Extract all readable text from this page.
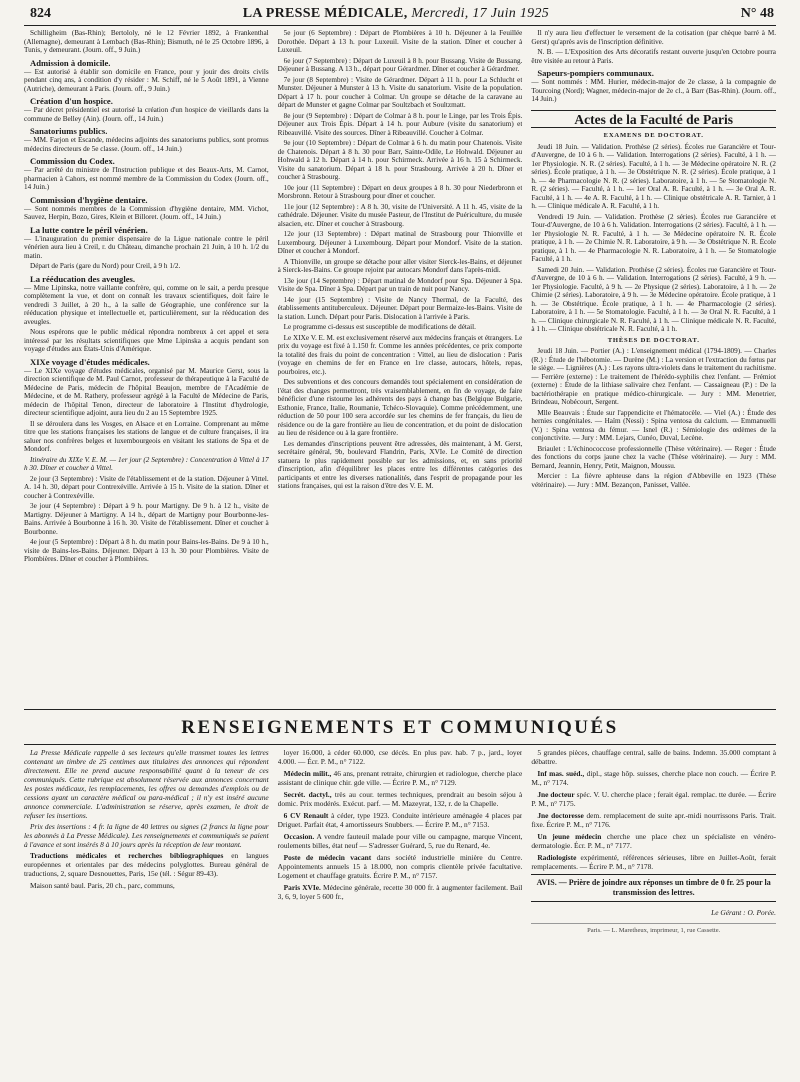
824	LA PRESSE MÉDICALE, Mercredi, 17 Juin 1925	N° 48

Schilligheim (Bas-Rhin); Bertololy, né le 12 Février 1892, à Frankenthal (Allemagne), demeurant à Lembach (Bas-Rhin); Bismuth, né le 25 Octobre 1896, à Tunis, y demeurant. (Journ. off., 9 Juin.)

Admission à domicile.

— Est autorisé à établir son domicile en France, pour y jouir des droits civils pendant cinq ans, à condition d'y résider : M. Schiff, né le 5 Août 1891, à Vienne (Autriche), demeurant à Paris. (Journ. off., 9 Juin.)

Création d'un hospice.

— Par décret présidentiel est autorisé la création d'un hospice de vieillards dans la commune de Belley (Ain). (Journ. off., 14 Juin.)

Sanatoriums publics.

— MM. Farjon et Escande, médecins adjoints des sanatoriums publics, sont promus médecins directeurs de 5e classe. (Journ. off., 14 Juin.)

Commission du Codex.

— Par arrêté du ministre de l'Instruction publique et des Beaux-Arts, M. Carnot, pharmacien à Cahors, est nommé membre de la Commission du Codex (Journ. off., 14 Juin.)

Commission d'hygiène dentaire.

— Sont nommés membres de la Commission d'hygiène dentaire, MM. Vichot, Sauvez, Herpin, Bozo, Gires, Klein et Billoret. (Journ. off., 14 Juin.)

La lutte contre le péril vénérien.

— L'inauguration du premier dispensaire de la Ligue nationale contre le péril vénérien aura lieu à Creil, r. du Château, dimanche prochain 21 Juin, à 10 h. 1/2 du matin.

Départ de Paris (gare du Nord) pour Creil, à 9 h 1/2.

La rééducation des aveugles.

— Mme Lipinska, notre vaillante confrère, qui, comme on le sait, a perdu presque complètement la vue, et dont on connaît les travaux scientifiques, doit faire le vendredi 3 Juillet, à 20 h., à la salle de Géographie, une conférence sur la rééducation physique et intellectuelle et, particulièrement, sur la rééducation des aveugles.

Nous espérons que le public médical répondra nombreux à cet appel et sera intéressé par les résultats scientifiques que Mme Lipinska a acquis pendant son voyage d'études aux États-Unis d'Amérique.

XIXe voyage d'études médicales.

— Le XIXe voyage d'études médicales, organisé par M. Maurice Gerst, sous la direction scientifique de M. Paul Carnot, professeur de thérapeutique à la Faculté de Médecine de Paris, médecin de l'hôpital Beaujon, membre de l'Académie de Médecine, et de M. Rathery, professeur agrégé à la Faculté de Médecine de Paris, médecin de l'hôpital Tenon, directeur de laboratoire à l'Institut d'hydrologie, directeur scientifique adjoint, aura lieu du 2 au 15 Septembre 1925.

Il se déroulera dans les Vosges, en Alsace et en Lorraine. Comprenant au même titre que les stations françaises les stations de langue et de culture françaises, il ira saluer nos confrères belges et luxembourgeois en visitant les stations de Spa et de Mondorf.

Itinéraire du XIXe V. E. M. — 1er jour (2 Septembre) : Concentration à Vittel à 17 h 30. Dîner et coucher à Vittel.

2e jour (3 Septembre) : Visite de l'établissement et de la station. Déjeuner à Vittel. A. 14 h. 30, départ pour Contrexéville. Arrivée à 15 h. Visite de la station. Dîner et coucher à Contrexéville.

3e jour (4 Septembre) : Départ à 9 h. pour Martigny. De 9 h. à 12 h., visite de Martigny. Déjeuner à Martigny. A 14 h., départ de Martigny pour Bourbonne-les-Bains. Arrivée à Bourbonne à 16 h. 30. Visite de l'établissement. Dîner et coucher à Bourbonne.

4e jour (5 Septembre) : Départ à 8 h. du matin pour Bains-les-Bains. De 9 à 10 h., visite de Bains-les-Bains. Déjeuner. Départ à 13 h. 30 pour Plombières. Visite de Plombières. Dîner et coucher à Plombières.

5e jour (6 Septembre) : Départ de Plombières à 10 h. Déjeuner à la Feuillée Dorothée. Départ à 13 h. pour Luxeuil. Visite de la station. Dîner et coucher à Luxeuil.

6e jour (7 Septembre) : Départ de Luxeuil à 8 h. pour Bussang. Visite de Bussang. Déjeuner à Bussang. A 13 h., départ pour Gérardmer. Dîner et coucher à Gérardmer.

7e jour (8 Septembre) : Visite de Gérardmer. Départ à 11 h. pour La Schlucht et Munster. Déjeuner à Munster à 13 h. Visite du sanatorium. Visite de la population. Départ à 17 h. pour coucher à Colmar. Un groupe se détache de la caravane au départ de Munster et gagne Colmar par Soultzbach et Soultzmatt.

8e jour (9 Septembre) : Départ de Colmar à 8 h. pour le Linge, par les Trois Épis. Déjeuner aux Trois Épis. Départ à 14 h. pour Aubure (visite du sanatorium) et Ribeauvillé. Visite des sources. Dîner à Ribeauvillé. Coucher à Colmar.

9e jour (10 Septembre) : Départ de Colmar à 6 h. du matin pour Chatenois. Visite de Chatenois. Départ à 8 h. 30 pour Barr, Sainte-Odile, Le Hohwald. Déjeuner au Hohwald à 12 h. Départ à 14 h. pour Schirmeck. Arrivée à 16 h. 15 à Schirmeck. Visite du sanatorium. Départ à 18 h. pour Strasbourg. Arrivée à 20 h. Dîner et coucher à Strasbourg.

10e jour (11 Septembre) : Départ en deux groupes à 8 h. 30 pour Niederbronn et Morsbronn. Retour à Strasbourg pour dîner et coucher.

11e jour (12 Septembre) : A 8 h. 30, visite de l'Université. A 11 h. 45, visite de la cathédrale. Déjeuner. Visite du musée Pasteur, de l'Institut de Puériculture, du musée alsacien, etc. Dîner et coucher à Strasbourg.

12e jour (13 Septembre) : Départ matinal de Strasbourg pour Thionville et Luxembourg. Déjeuner à Luxembourg. Départ pour Mondorf. Visite de la station. Dîner et coucher à Mondorf.

A Thionville, un groupe se détache pour aller visiter Sierck-les-Bains, et déjeuner à Sierck-les-Bains. Ce groupe rejoint par autocars Mondorf dans l'après-midi.

13e jour (14 Septembre) : Départ matinal de Mondorf pour Spa. Déjeuner à Spa. Visite de Spa. Dîner à Spa. Départ par un train de nuit pour Nancy.

14e jour (15 Septembre) : Visite de Nancy Thermal, de la Faculté, des établissements antituberculeux. Déjeuner. Départ pour Bermaize-les-Bains. Visite de la station. Lunch. Départ pour Paris. Dislocation à l'arrivée à Paris.

Le programme ci-dessus est susceptible de modifications de détail.

Le XIXe V. E. M. est exclusivement réservé aux médecins français et étrangers. Le prix du voyage est fixé à 1.150 fr. Comme les années précédentes, ce prix comporte la totalité des frais du point de concentration : Vittel, au lieu de dislocation : Paris (voyage en chemins de fer en France en 1re classe, autocars, hôtels, repas, pourboires, etc.).

Des subventions et des concours demandés tout spécialement en considération de l'état des changes permettront, très vraisemblablement, en fin de voyage, de faire bénéficier d'une ristourne les adhérents des pays à change bas (Belgique Bulgarie, Esthonie, France, Italie, Roumanie, Tchéco-Slovaquie). Comme précédemment, une réduction de 50 pour 100 sera accordée sur les chemins de fer français, du lieu de résidence ou de la gare frontière au lieu de concentration, et du point de dislocation au lieu de résidence ou à la gare frontière.

Les demandes d'inscriptions peuvent être adressées, dès maintenant, à M. Gerst, secrétaire général, 9b, boulevard Flandrin, Paris, XVIe. Le Comité de direction statuera le plus rapidement possible sur les admissions, et, en sans priorité d'inscription, afin d'équilibrer les places entre les différentes catégories des participants et entre les diverses nationalités, dans l'esprit de propagande pour les stations françaises, qui est la raison d'être des V. E. M.

Il n'y aura lieu d'effectuer le versement de la cotisation (par chèque barré à M. Gerst) qu'après avis de l'inscription définitive.

N. B. — L'Exposition des Arts décoratifs restant ouverte jusqu'en Octobre pourra être visitée au retour à Paris.

Sapeurs-pompiers communaux.

— Sont nommés : MM. Hurier, médecin-major de 2e classe, à la compagnie de Tourcoing (Nord); Wagner, médecin-major de 2e cl., à Barr (Bas-Rhin). (Journ. off., 14 Juin.)

Actes de la Faculté de Paris
EXAMENS DE DOCTORAT.

Jeudi 18 Juin. — Validation. Prothèse (2 séries). Écoles rue Garancière et Tour-d'Auvergne, de 10 à 6 h. — Validation. Interrogations (2 séries). Faculté, à 1 h. — 1er Physiologie. N. R. (2 séries). Faculté, à 1 h. — 3e Médecine opératoire N. R. (2 séries). École pratique, à 1 h. — 3e Obstétrique N. R. (2 séries). École pratique, à 1 h. — 4e Pharmacologie N. R. (2 séries). Laboratoire, à 1 h. — 5e Stomatologie N. R. (2 séries). — Faculté, à 1 h. — 1er Oral A. R. Faculté, à 1 h. — 3e Oral A. R. Faculté, à 1 h. — 4e A. R. Faculté, à 1 h. — Clinique obstétricale A. R. Tarnier, à 1 h. — Clinique médicale A. R. Faculté, à 1 h.

Vendredi 19 Juin. — Validation. Prothèse (2 séries). Écoles rue Garancière et Tour-d'Auvergne, de 10 à 6 h. Validation. Interrogations (2 séries). Faculté, à 1 h. — 1er Physiologie N. R. Faculté, à 1 h. — 3e Médecine opératoire N. R. École pratique, à 1 h. — 2e Chimie N. R. Laboratoire, à 9 h. — 3e Obstétrique N. R. École pratique, à 1 h. — 4e Pharmacologie N. R. Laboratoire, à 1 h. — 5e Stomatologie Faculté, à 1 h.

Samedi 20 Juin. — Validation. Prothèse (2 séries). Écoles rue Garancière et Tour-d'Auvergne, de 10 à 6 h. — Validation. Interrogations (2 séries). Faculté, à 9 h. — 1er Physiologie. Faculté, à 9 h. — 2e Physique (2 séries). Laboratoire, à 1 h. — 2e Chimie (2 séries). Laboratoire, à 9 h. — 3e Médecine opératoire. École pratique, à 1 h. — 3e Obstétrique. École pratique, à 1 h. — 4e Pharmacologie (2 séries). Laboratoire, à 1 h. — 5e Stomatologie. Faculté, à 1 h. — 3e Oral N. R. Faculté, à 1 h. — Clinique chirurgicale N. R. Faculté, à 1 h. — Clinique médicale N. R. Faculté, à 1 h. — Clinique obstétricale N. R. Faculté, à 1 h.

THÈSES DE DOCTORAT.

Jeudi 18 Juin. — Portier (A.) : L'enseignement médical (1794-1809). — Charles (R.) : Étude de l'hébotomie. — Durène (M.) : La version et l'extraction du fœtus par le siège. — Lignières (A.) : Les rayons ultra-violets dans le traitement du rachitisme. — Ferrière (externe) : Le traitement de l'hérédo-syphilis chez l'enfant. — Frémiot (externe) : Étude de la lithiase salivaire chez l'enfant. — Cassaigneau (P.) : De la bactériothérapie en pratique médico-chirurgicale. — Jury : MM. Menetrier, Brindeau, Nobécourt, Sergent.

Mlle Beauvais : Étude sur l'appendicite et l'hématocèle. — Viel (A.) : Étude des hernies congénitales. — Haïm (Nessi) : Spina ventosa du calcium. — Emmanuelli (V.) : Spina ventosa du fémur. — Isnel (R.) : Sémiologie des œdèmes de la conjonctivite. — Jury : MM. Lejars, Cunéo, Duval, Lecène.

Briaulet : L'échinococcose professionnelle (Thèse vétérinaire). — Reger : Étude des fonctions du corps jaune chez la vache (Thèse vétérinaire). — Jury : MM. Bernard, Jeannin, Henry, Petit, Maignon, Moussu.

Mercier : La fièvre aphteuse dans la région d'Abbeville en 1923 (Thèse vétérinaire). — Jury : MM. Bezançon, Panisset, Vallée.

RENSEIGNEMENTS ET COMMUNIQUÉS

La Presse Médicale rappelle à ses lecteurs qu'elle transmet toutes les lettres contenant un timbre de 25 centimes aux titulaires des annonces qui répondent directement. Elle ne prend aucune responsabilité quant à la teneur de ces communiqués. Cette rubrique est absolument réservée aux annonces concernant les postes médicaux, les remplacements, les offres ou demandes d'emplois ou de cessions ayant un caractère médical ou para-médical ; il n'y est inséré aucune annonce commerciale. L'administration se réserve, après examen, le droit de refuser les insertions.

Prix des insertions : 4 fr. la ligne de 40 lettres ou signes (2 francs la ligne pour les abonnés à La Presse Médicale). Les renseignements et communiqués se paient à l'avance et sont insérés 8 à 10 jours après la réception de leur montant.

Traductions médicales et recherches bibliographiques en langues européennes et orientales par des médecins polyglottes. Bureau général de traductions, 2, square Desnouettes, Paris, 15e (tél. : Ségur 89-43).

Maison santé baul. Paris, 20 ch., parc, communs,

loyer 16.000, à céder 60.000, cse décès. En plus pav. hab. 7 p., jard., loyer 4.000. — Écr. P. M., n° 7122.

Médecin milit., 46 ans, prenant retraite, chirurgien et radiologue, cherche place assistant de clinique chir. gde ville. — Écrire P. M., n° 7129.

Secrét. dactyl., très au cour. termes techniques, prendrait au besoin séjou à domic. Prix modérés. Exécut. parf. — M. Mazeyrat, 132, r. de la Chapelle.

6 CV Renault à céder, type 1923. Conduite intérieure aménagée 4 places par Driguet. Parfait état, 4 amortisseurs Snubbers. — Écrire P. M., n° 7153.

Occasion. A vendre fauteuil malade pour ville ou campagne, marque Vincent, roulements billes, état neuf — S'adresser Guérard, 5, rue du Renard, 4e.

Poste de médecin vacant dans société industrielle minière du Centre. Appointements annuels 15 à 18.000, non compris clientèle privée facultative. Logement et chauffage gratuits. Écrire P. M., n° 7157.

Paris XVIe. Médecine générale, recette 30 000 fr. à augmenter facilement. Bail 3, 6, 9, loyer 5 600 fr.,

5 grandes pièces, chauffage central, salle de bains. Indemn. 35.000 comptant à débattre.

Inf mas. suéd., dipl., stage hôp. suisses, cherche place non couch. — Écrire P. M., n° 7174.

Jne docteur spéc. V. U. cherche place ; ferait égal. remplac. tte durée. — Écrire P. M., n° 7175.

Jne doctoresse dem. remplacement de suite apr.-midi nourrissons Paris. Trait. fixe. Écrire P. M., n° 7176.

Un jeune médecin cherche une place chez un spécialiste en vénéro-dermatologie. Écr. P. M., n° 7177.

Radiologiste expérimenté, références sérieuses, libre en Juillet-Août, ferait remplacements. — Écrire P. M., n° 7178.

AVIS. — Prière de joindre aux réponses un timbre de 0 fr. 25 pour la transmission des lettres.
Le Gérant : O. Porée.
Paris. — L. Maretheux, imprimeur, 1, rue Cassette.
